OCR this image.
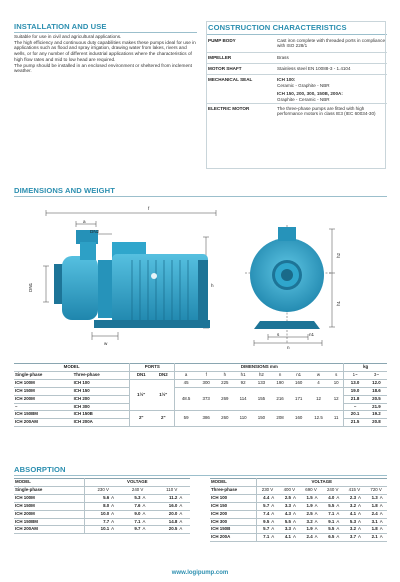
INSTALLATION AND USE
Suitable for use in civil and agricultural applications.
The high efficiency and continuous duty capabilities makes these pumps ideal for use in applications such as flood and spray irrigation, drawing water from lakes, rivers and wells, or for any number of different industrial applications where the characteristics of high flow rates and mid to low head are required.
The pump should be installed in an enclosed environment or sheltered from inclement weather.
CONSTRUCTION CHARACTERISTICS
PUMP BODY	Cast iron complete with threaded ports in compliance with ISO 228/1
IMPELLER	Brass
MOTOR SHAFT	Stainless steel EN 10088-3 - 1.4104
MECHANICAL SEAL	ICH 100:
Ceramic - Graphite - NBR
ICH 150, 200, 300, 150B, 200A:
Graphite - Ceramic - NBR
ELECTRIC MOTOR	The three-phase pumps are fitted with high performance motors in class IE3 (IEC 60034-30)
DIMENSIONS AND WEIGHT
f
a
DN2
DN1	h
w
h2
h1
s	n1
n
MODEL		PORTS		DIMENSIONS mm									kg	
Single-phase	Three-phase	DN1	DN2	a	f	h	h1	h2	n	n1	w	s	1~	3~
ICH 100M	ICH 100	1½"	1½"	45	300	225	92	133	190	160	4	10	13.0	12.0
ICH 150M	ICH 150			48.5	373	269	114	155	216	171	12	12	19.0	18.6
ICH 200M	ICH 200												21.8	20.5
–	ICH 300												–	21.9
ICH 150BM	ICH 150B	2"	2"	59	386	260	110	150	208	160	12.5	11	20.1	19.2
ICH 200AM	ICH 200A												21.5	20.8
ABSORPTION
MODEL	VOLTAGE					
Single-phase	230 V		240 V		110 V	
ICH 100M	5.6	A	5.3	A	11.2	A
ICH 150M	8.0	A	7.6	A	16.0	A
ICH 200M	10.0	A	9.0	A	20.0	A
ICH 150BM	7.7	A	7.1	A	14.8	A
ICH 200AM	10.1	A	9.7	A	20.5	A
MODEL	VOLTAGE											
Three-phase	230 V		400 V		690 V		240 V		415 V		720 V	
ICH 100	4.4	A	2.5	A	1.5	A	4.0	A	2.3	A	1.3	A
ICH 150	5.7	A	3.3	A	1.9	A	5.5	A	3.2	A	1.8	A
ICH 200	7.4	A	4.3	A	2.5	A	7.1	A	4.1	A	2.4	A
ICH 300	9.5	A	5.5	A	3.2	A	9.1	A	5.3	A	3.1	A
ICH 150B	5.7	A	3.3	A	1.9	A	5.5	A	3.2	A	1.8	A
ICH 200A	7.1	A	4.1	A	2.4	A	6.5	A	3.7	A	2.1	A
www.logipump.com
